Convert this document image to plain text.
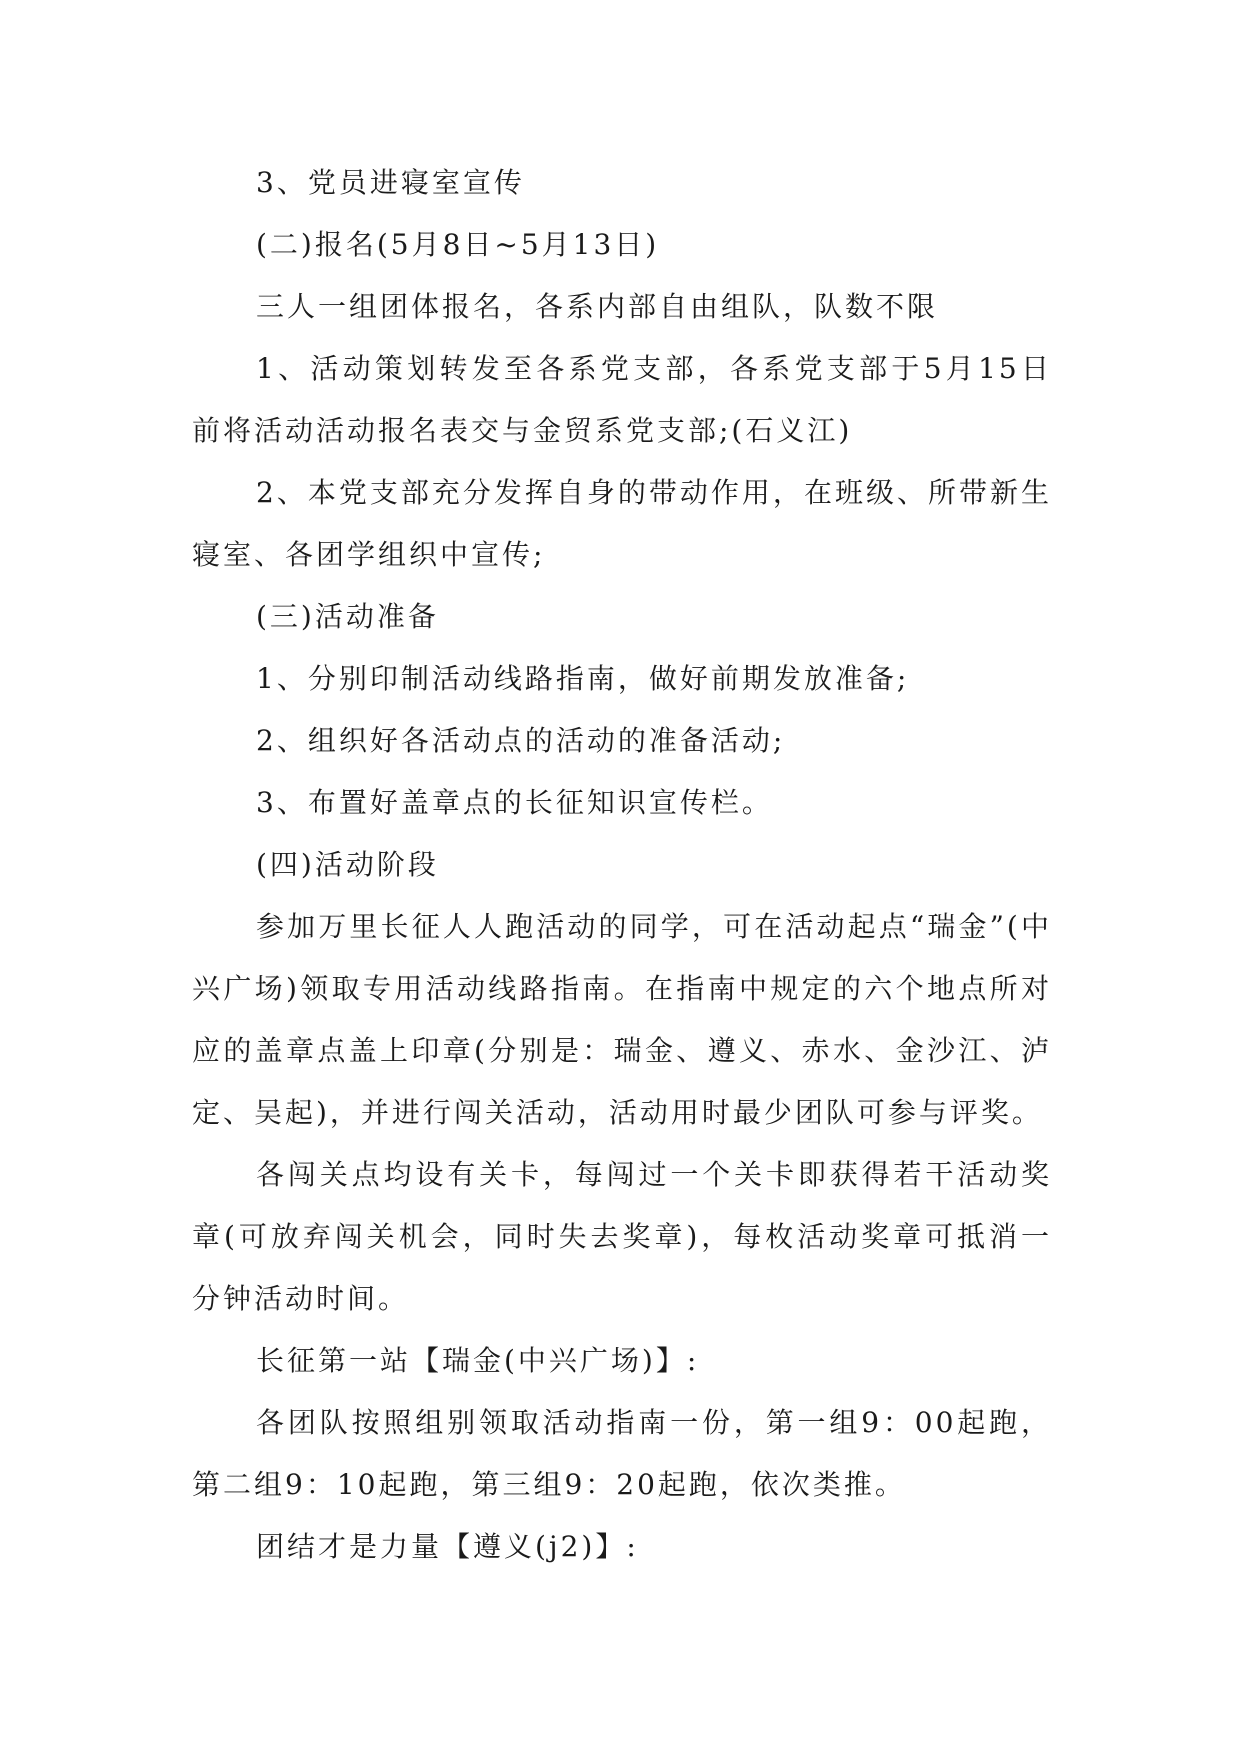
3、党员进寝室宣传

(二)报名(5月8日~5月13日)

三人一组团体报名，各系内部自由组队，队数不限

1、活动策划转发至各系党支部，各系党支部于5月15日前将活动活动报名表交与金贸系党支部;(石义江)

2、本党支部充分发挥自身的带动作用，在班级、所带新生寝室、各团学组织中宣传;

(三)活动准备

1、分别印制活动线路指南，做好前期发放准备;

2、组织好各活动点的活动的准备活动;

3、布置好盖章点的长征知识宣传栏。

(四)活动阶段

参加万里长征人人跑活动的同学，可在活动起点“瑞金”(中兴广场)领取专用活动线路指南。在指南中规定的六个地点所对应的盖章点盖上印章(分别是：瑞金、遵义、赤水、金沙江、泸定、吴起)，并进行闯关活动，活动用时最少团队可参与评奖。

各闯关点均设有关卡，每闯过一个关卡即获得若干活动奖章(可放弃闯关机会，同时失去奖章)，每枚活动奖章可抵消一分钟活动时间。

长征第一站【瑞金(中兴广场)】:

各团队按照组别领取活动指南一份，第一组9：00起跑，第二组9：10起跑，第三组9：20起跑，依次类推。

团结才是力量【遵义(j2)】:
